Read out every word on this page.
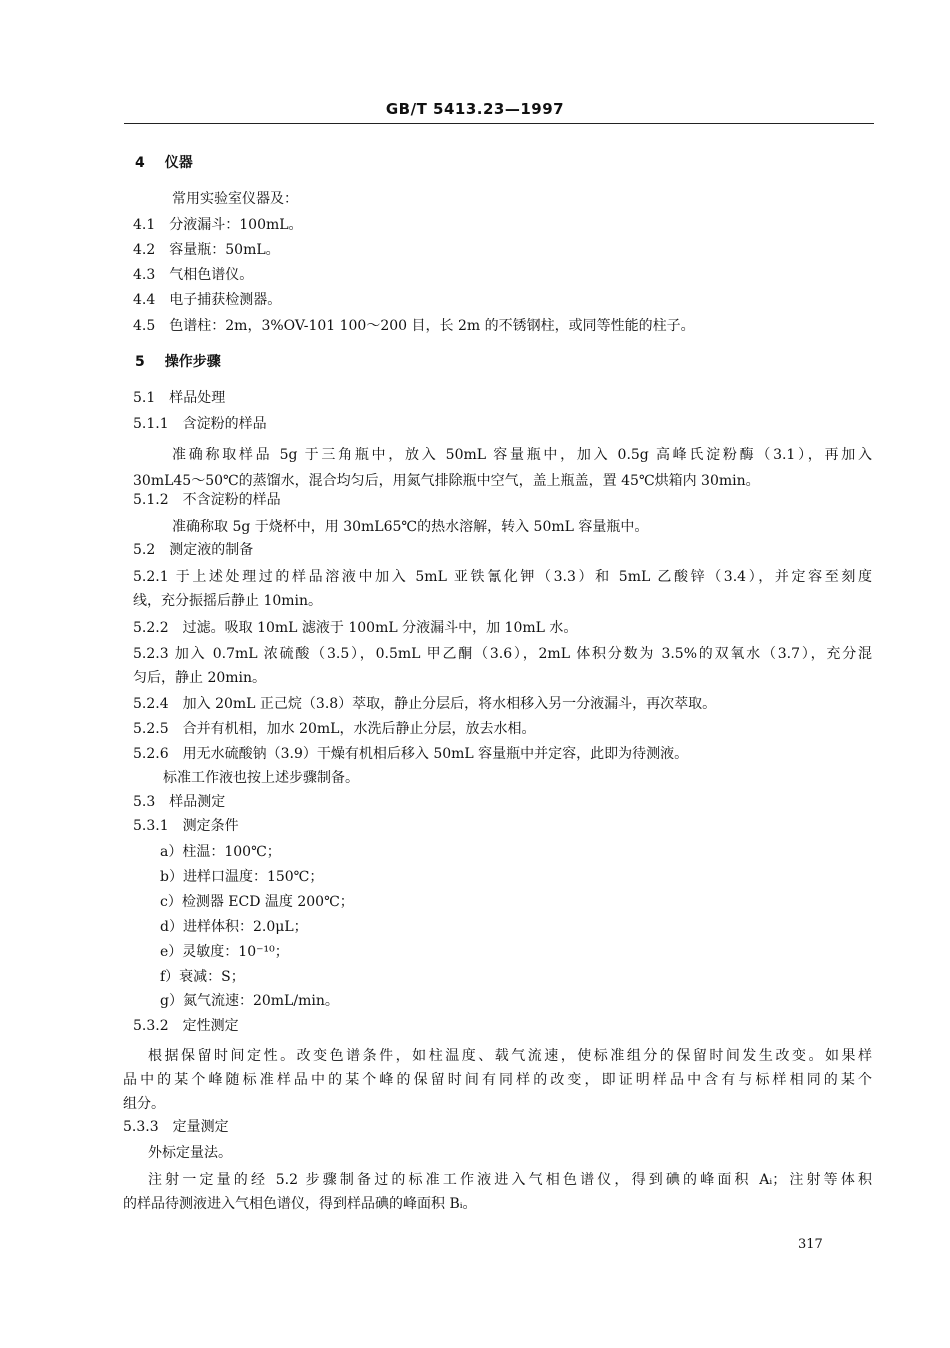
GB/T 5413.23—1997
4 仪器
常用实验室仪器及：
4.1 分液漏斗：100mL。
4.2 容量瓶：50mL。
4.3 气相色谱仪。
4.4 电子捕获检测器。
4.5 色谱柱：2m，3%OV-101 100～200 目，长 2m 的不锈钢柱，或同等性能的柱子。
5 操作步骤
5.1 样品处理
5.1.1 含淀粉的样品
准确称取样品 5g 于三角瓶中，放入 50mL 容量瓶中，加入 0.5g 高峰氏淀粉酶（3.1），再加入
30mL45～50℃的蒸馏水，混合均匀后，用氮气排除瓶中空气，盖上瓶盖，置 45℃烘箱内 30min。
5.1.2 不含淀粉的样品
准确称取 5g 于烧杯中，用 30mL65℃的热水溶解，转入 50mL 容量瓶中。
5.2 测定液的制备
5.2.1 于上述处理过的样品溶液中加入 5mL 亚铁氰化钾（3.3）和 5mL 乙酸锌（3.4），并定容至刻度
线，充分振摇后静止 10min。
5.2.2 过滤。吸取 10mL 滤液于 100mL 分液漏斗中，加 10mL 水。
5.2.3 加入 0.7mL 浓硫酸（3.5），0.5mL 甲乙酮（3.6），2mL 体积分数为 3.5%的双氧水（3.7），充分混
匀后，静止 20min。
5.2.4 加入 20mL 正己烷（3.8）萃取，静止分层后，将水相移入另一分液漏斗，再次萃取。
5.2.5 合并有机相，加水 20mL，水洗后静止分层，放去水相。
5.2.6 用无水硫酸钠（3.9）干燥有机相后移入 50mL 容量瓶中并定容，此即为待测液。
标准工作液也按上述步骤制备。
5.3 样品测定
5.3.1 测定条件
a）柱温：100℃；
b）进样口温度：150℃；
c）检测器 ECD 温度 200℃；
d）进样体积：2.0μL；
e）灵敏度：10⁻¹⁰；
f）衰减：S；
g）氮气流速：20mL/min。
5.3.2 定性测定
根据保留时间定性。改变色谱条件，如柱温度、载气流速，使标准组分的保留时间发生改变。如果样
品中的某个峰随标准样品中的某个峰的保留时间有同样的改变，即证明样品中含有与标样相同的某个
组分。
5.3.3 定量测定
外标定量法。
注射一定量的经 5.2 步骤制备过的标准工作液进入气相色谱仪，得到碘的峰面积 Aᵢ；注射等体积
的样品待测液进入气相色谱仪，得到样品碘的峰面积 Bᵢ。
317
